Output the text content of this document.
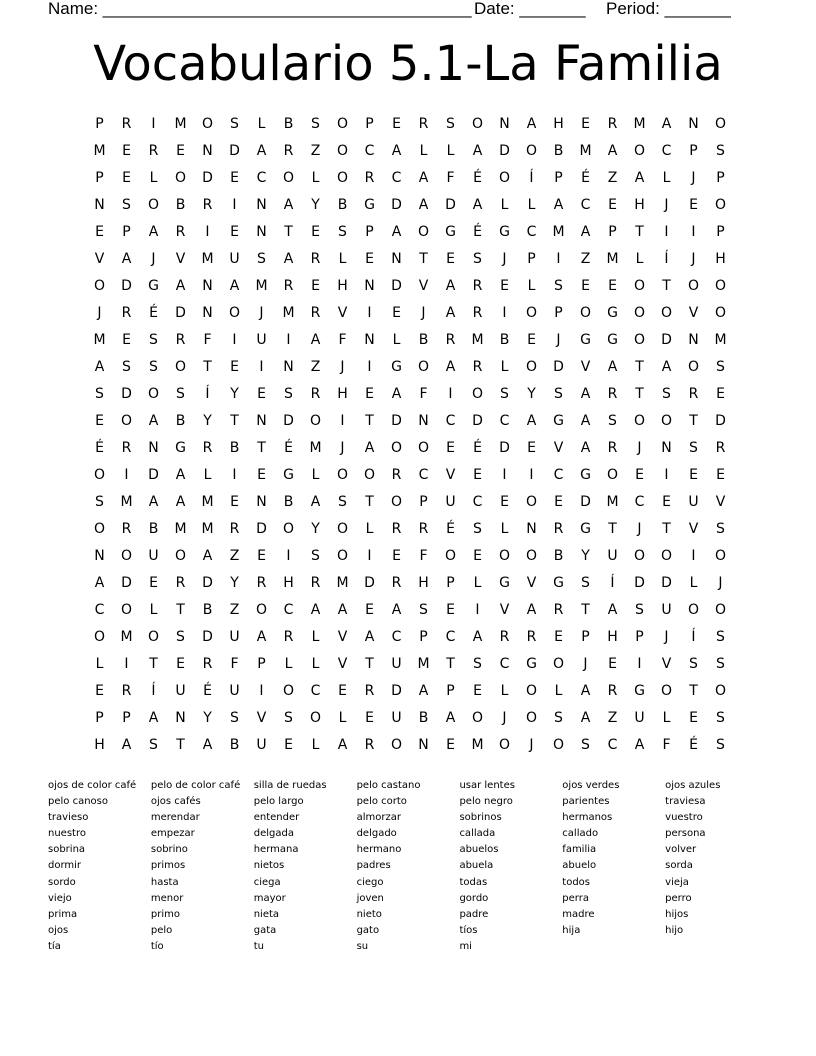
Name: _______________________________________

Date: _______

Period: _______

Vocabulario 5.1-La Familia
P	R	I	M	O	S	L	B	S	O	P	E	R	S	O	N	A	H	E	R	M	A	N	O
M	E	R	E	N	D	A	R	Z	O	C	A	L	L	A	D	O	B	M	A	O	C	P	S
P	E	L	O	D	E	C	O	L	O	R	C	A	F	É	O	Í	P	É	Z	A	L	J	P
N	S	O	B	R	I	N	A	Y	B	G	D	A	D	A	L	L	A	C	E	H	J	E	O
E	P	A	R	I	E	N	T	E	S	P	A	O	G	É	G	C	M	A	P	T	I	I	P
V	A	J	V	M	U	S	A	R	L	E	N	T	E	S	J	P	I	Z	M	L	Í	J	H
O	D	G	A	N	A	M	R	E	H	N	D	V	A	R	E	L	S	E	E	O	T	O	O
J	R	É	D	N	O	J	M	R	V	I	E	J	A	R	I	O	P	O	G	O	O	V	O
M	E	S	R	F	I	U	I	A	F	N	L	B	R	M	B	E	J	G	G	O	D	N	M
A	S	S	O	T	E	I	N	Z	J	I	G	O	A	R	L	O	D	V	A	T	A	O	S
S	D	O	S	Í	Y	E	S	R	H	E	A	F	I	O	S	Y	S	A	R	T	S	R	E
E	O	A	B	Y	T	N	D	O	I	T	D	N	C	D	C	A	G	A	S	O	O	T	D
É	R	N	G	R	B	T	É	M	J	A	O	O	E	É	D	E	V	A	R	J	N	S	R
O	I	D	A	L	I	E	G	L	O	O	R	C	V	E	I	I	C	G	O	E	I	E	E
S	M	A	A	M	E	N	B	A	S	T	O	P	U	C	E	O	E	D	M	C	E	U	V
O	R	B	M	M	R	D	O	Y	O	L	R	R	É	S	L	N	R	G	T	J	T	V	S
N	O	U	O	A	Z	E	I	S	O	I	E	F	O	E	O	O	B	Y	U	O	O	I	O
A	D	E	R	D	Y	R	H	R	M	D	R	H	P	L	G	V	G	S	Í	D	D	L	J
C	O	L	T	B	Z	O	C	A	A	E	A	S	E	I	V	A	R	T	A	S	U	O	O
O	M	O	S	D	U	A	R	L	V	A	C	P	C	A	R	R	E	P	H	P	J	Í	S
L	I	T	E	R	F	P	L	L	V	T	U	M	T	S	C	G	O	J	E	I	V	S	S
E	R	Í	U	É	U	I	O	C	E	R	D	A	P	E	L	O	L	A	R	G	O	T	O
P	P	A	N	Y	S	V	S	O	L	E	U	B	A	O	J	O	S	A	Z	U	L	E	S
H	A	S	T	A	B	U	E	L	A	R	O	N	E	M	O	J	O	S	C	A	F	É	S
ojos de color café
pelo canoso
travieso
nuestro
sobrina
dormir
sordo
viejo
prima
ojos
tía
pelo de color café
ojos cafés
merendar
empezar
sobrino
primos
hasta
menor
primo
pelo
tío
silla de ruedas
pelo largo
entender
delgada
hermana
nietos
ciega
mayor
nieta
gata
tu
pelo castano
pelo corto
almorzar
delgado
hermano
padres
ciego
joven
nieto
gato
su
usar lentes
pelo negro
sobrinos
callada
abuelos
abuela
todas
gordo
padre
tíos
mi
ojos verdes
parientes
hermanos
callado
familia
abuelo
todos
perra
madre
hija
ojos azules
traviesa
vuestro
persona
volver
sorda
vieja
perro
hijos
hijo
